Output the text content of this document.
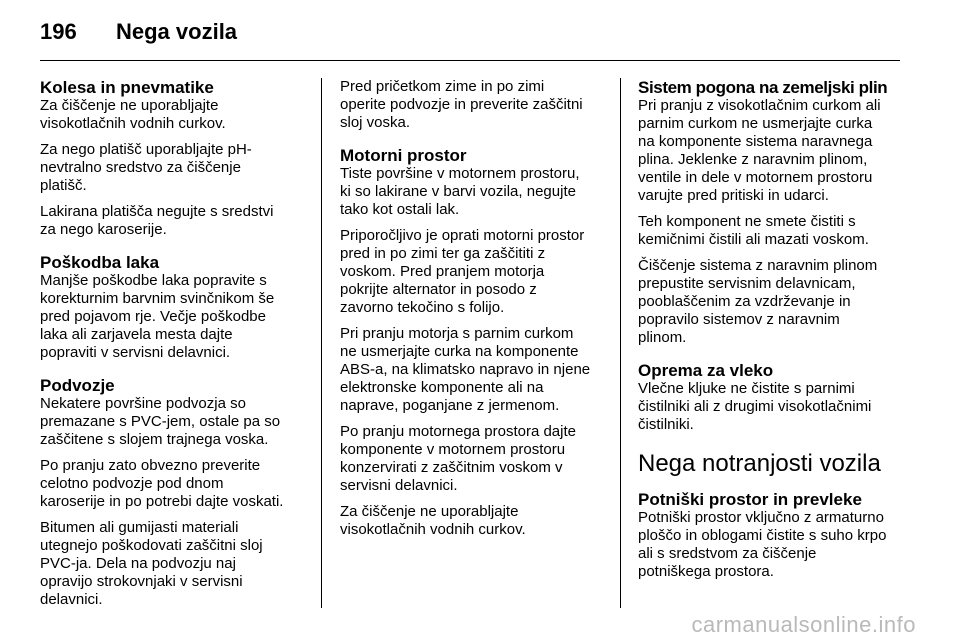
196 Nega vozila
Kolesa in pnevmatike

Za čiščenje ne uporabljajte
visokotlačnih vodnih curkov.

Za nego platišč uporabljajte pH-
nevtralno sredstvo za čiščenje
platišč.

Lakirana platišča negujte s sredstvi
za nego karoserije.

Poškodba laka

Manjše poškodbe laka popravite s
korekturnim barvnim svinčnikom še
pred pojavom rje. Večje poškodbe
laka ali zarjavela mesta dajte
popraviti v servisni delavnici.

Podvozje

Nekatere površine podvozja so
premazane s PVC-jem, ostale pa so
zaščitene s slojem trajnega voska.

Po pranju zato obvezno preverite
celotno podvozje pod dnom
karoserije in po potrebi dajte voskati.

Bitumen ali gumijasti materiali
utegnejo poškodovati zaščitni sloj
PVC-ja. Dela na podvozju naj
opravijo strokovnjaki v servisni
delavnici.

Pred pričetkom zime in po zimi
operite podvozje in preverite zaščitni
sloj voska.

Motorni prostor

Tiste površine v motornem prostoru,
ki so lakirane v barvi vozila, negujte
tako kot ostali lak.

Priporočljivo je oprati motorni prostor
pred in po zimi ter ga zaščititi z
voskom. Pred pranjem motorja
pokrijte alternator in posodo z
zavorno tekočino s folijo.

Pri pranju motorja s parnim curkom
ne usmerjajte curka na komponente
ABS-a, na klimatsko napravo in njene
elektronske komponente ali na
naprave, poganjane z jermenom.

Po pranju motornega prostora dajte
komponente v motornem prostoru
konzervirati z zaščitnim voskom v
servisni delavnici.

Za čiščenje ne uporabljajte
visokotlačnih vodnih curkov.

Sistem pogona na zemeljski plin

Pri pranju z visokotlačnim curkom ali
parnim curkom ne usmerjajte curka
na komponente sistema naravnega
plina. Jeklenke z naravnim plinom,
ventile in dele v motornem prostoru
varujte pred pritiski in udarci.

Teh komponent ne smete čistiti s
kemičnimi čistili ali mazati voskom.

Čiščenje sistema z naravnim plinom
prepustite servisnim delavnicam,
pooblaščenim za vzdrževanje in
popravilo sistemov z naravnim
plinom.

Oprema za vleko

Vlečne kljuke ne čistite s parnimi
čistilniki ali z drugimi visokotlačnimi
čistilniki.

Nega notranjosti vozila
Potniški prostor in prevleke

Potniški prostor vključno z armaturno
ploščo in oblogami čistite s suho krpo
ali s sredstvom za čiščenje
potniškega prostora.

carmanualsonline.info
